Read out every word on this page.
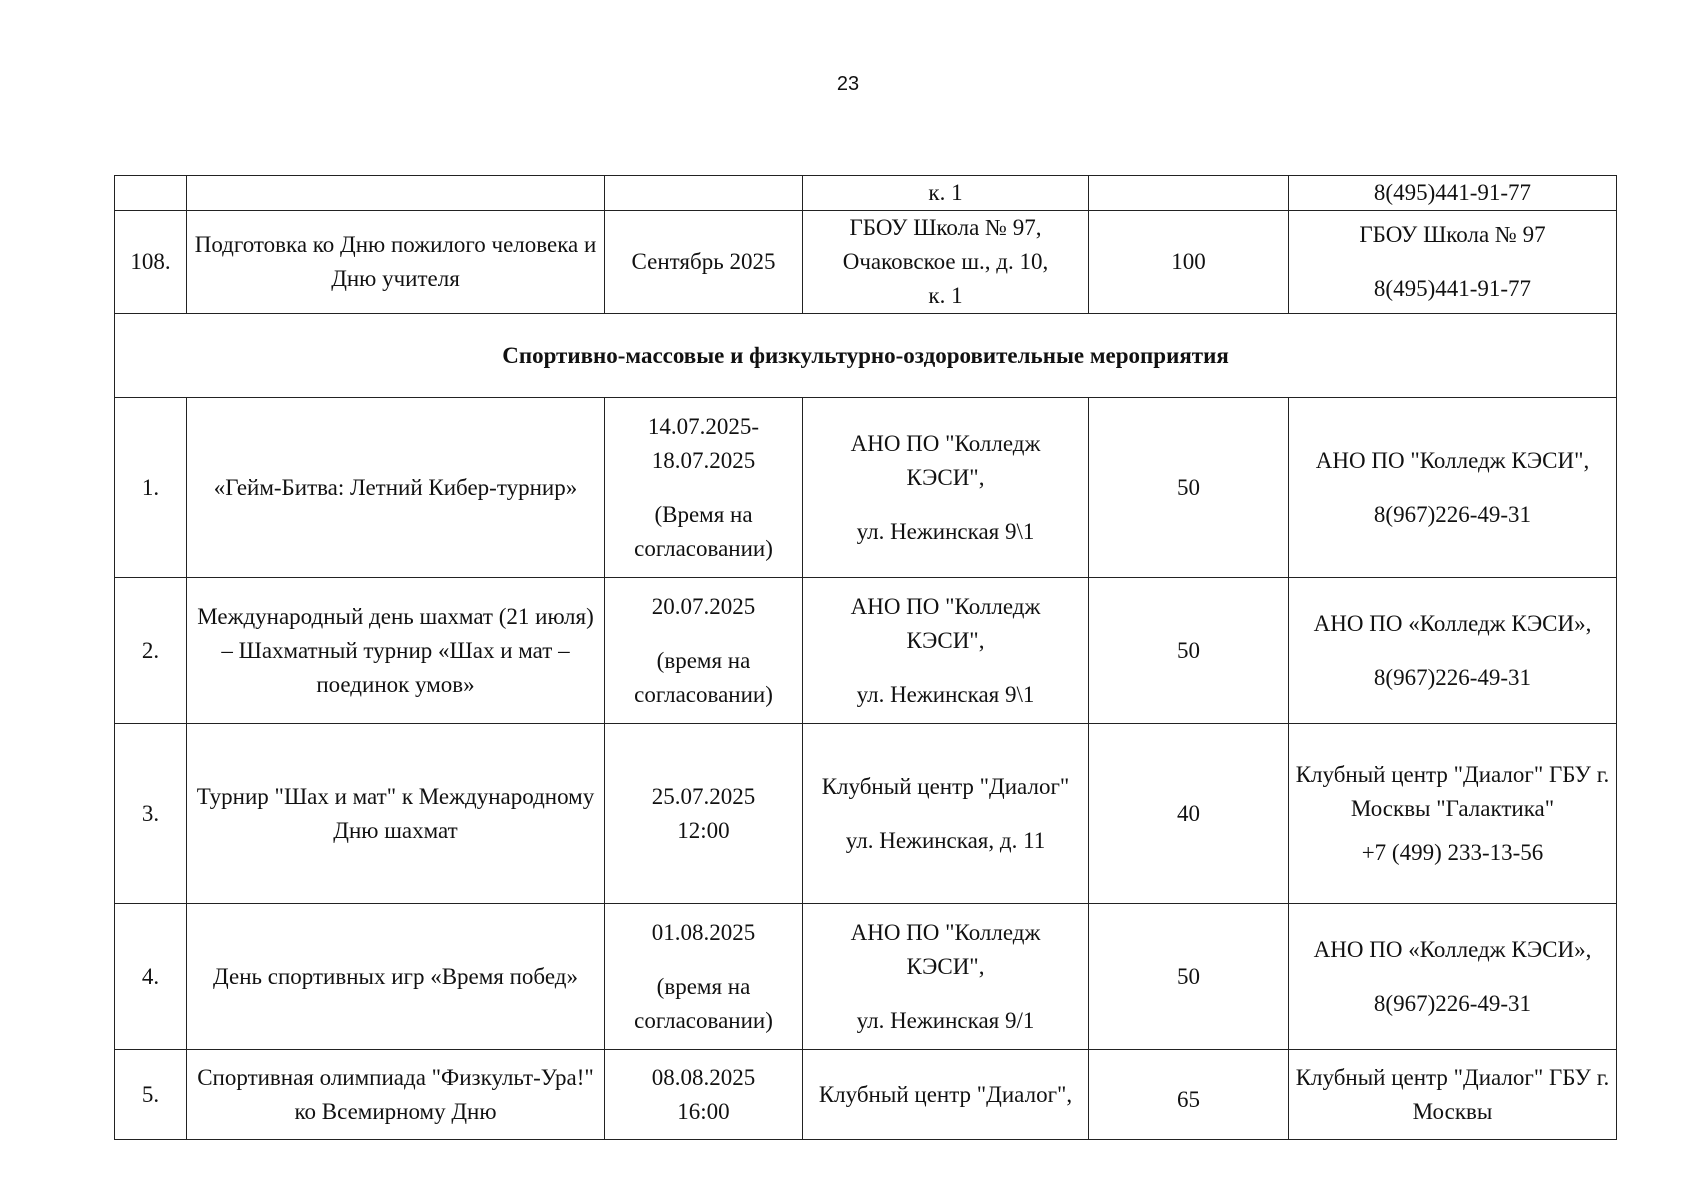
23
			к. 1		8(495)441-91-77
108.	Подготовка ко Дню пожилого человека и Дню учителя	Сентябрь 2025	ГБОУ Школа № 97,
Очаковское ш., д. 10,
к. 1	100	ГБОУ Школа № 97
8(495)441-91-77

Спортивно-массовые и физкультурно-оздоровительные мероприятия					
1.	«Гейм-Битва: Летний Кибер-турнир»	14.07.2025-18.07.2025
(Время на согласовании)	АНО ПО "Колледж КЭСИ",
ул. Нежинская 9\1	50	АНО ПО "Колледж КЭСИ",
8(967)226-49-31

2.	Международный день шахмат (21 июля) – Шахматный турнир «Шах и мат – поединок умов»	20.07.2025
(время на согласовании)	АНО ПО "Колледж КЭСИ",
ул. Нежинская 9\1	50	АНО ПО «Колледж КЭСИ»,
8(967)226-49-31

3.	Турнир "Шах и мат" к Международному Дню шахмат	25.07.2025
12:00	Клубный центр "Диалог"
ул. Нежинская, д. 11	40	Клубный центр "Диалог" ГБУ г. Москвы "Галактика"
+7 (499) 233-13-56

4.	День спортивных игр «Время побед»	01.08.2025
(время на согласовании)	АНО ПО "Колледж КЭСИ",
ул. Нежинская 9/1	50	АНО ПО «Колледж КЭСИ»,
8(967)226-49-31

5.	Спортивная олимпиада "Физкульт-Ура!" ко Всемирному Дню	08.08.2025
16:00	Клубный центр "Диалог",	65	Клубный центр "Диалог" ГБУ г. Москвы
